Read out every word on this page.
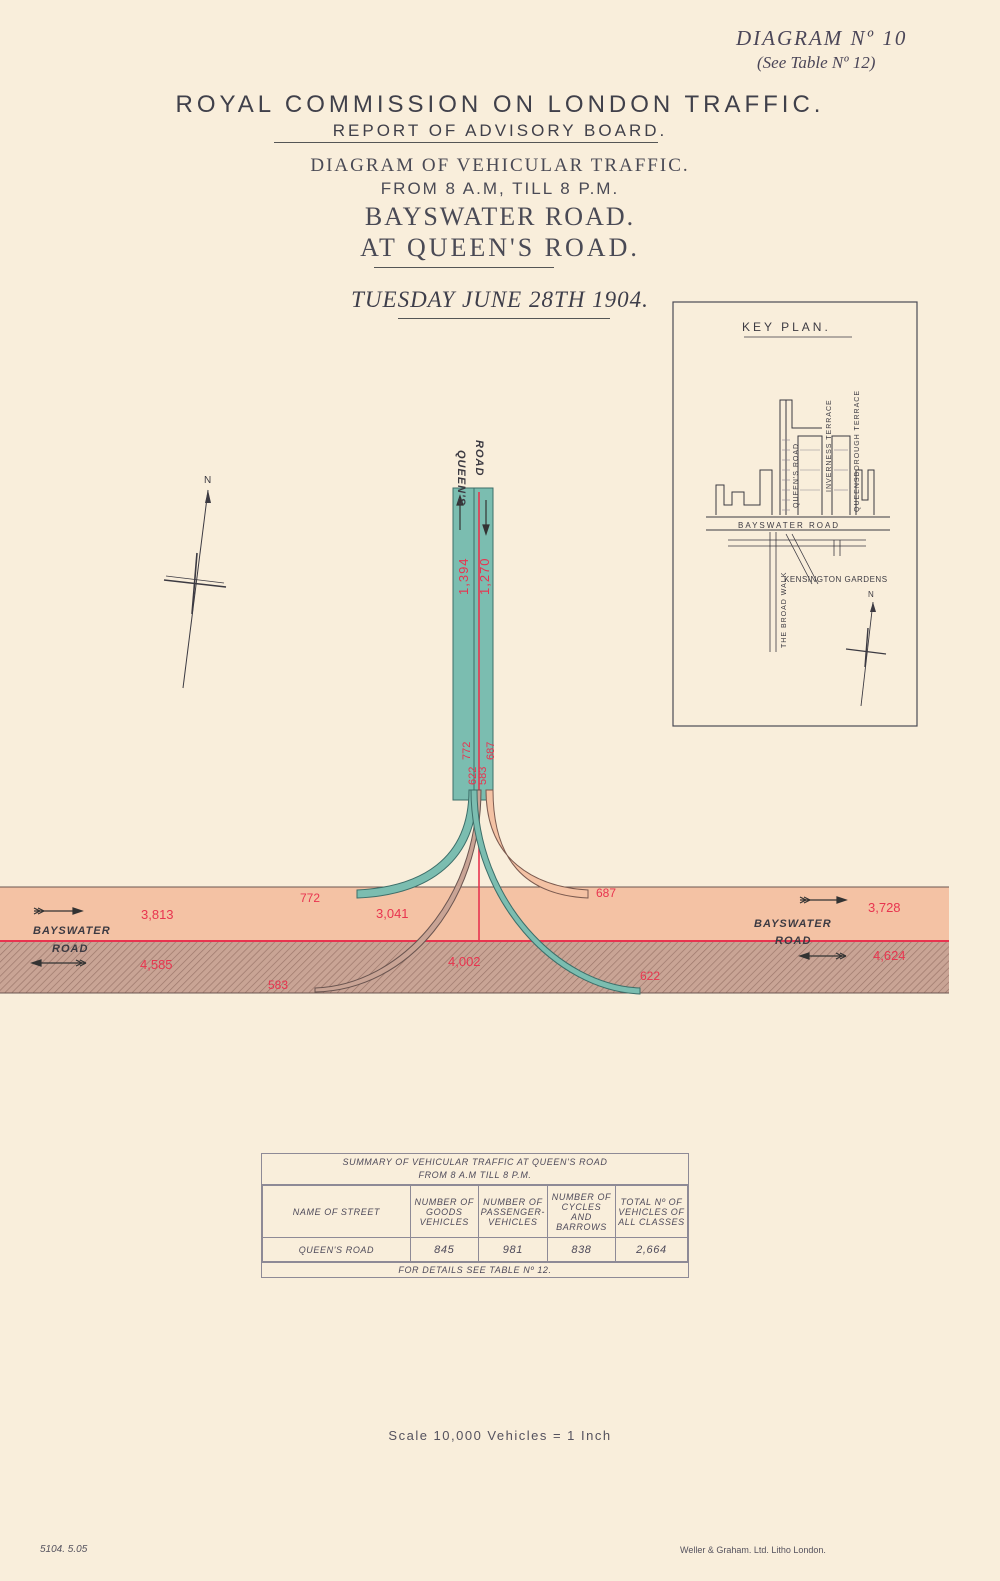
DIAGRAM Nº 10
(See Table Nº 12)
ROYAL COMMISSION ON LONDON TRAFFIC.
REPORT OF ADVISORY BOARD.
DIAGRAM OF VEHICULAR TRAFFIC.
FROM 8 A.M, TILL 8 P.M.
BAYSWATER ROAD.
AT QUEEN'S ROAD.
TUESDAY JUNE 28TH 1904.
QUEEN'S ROAD
1,394 1,270
772 687
583
622
3,813
4,585
3,041
4,002
3,728
4,624
772	687
583
622
BAYSWATER
ROAD
BAYSWATER
ROAD
N
KEY PLAN.
QUEEN'S ROAD	INVERNESS TERRACE	QUEENSBOROUGH TERRACE
BAYSWATER ROAD
THE BROAD WALK
KENSINGTON GARDENS
N
SUMMARY OF VEHICULAR TRAFFIC AT QUEEN'S ROAD
FROM 8 A.M TILL 8 P.M.
NAME OF STREET	NUMBER OF GOODS VEHICLES	NUMBER OF PASSENGER-VEHICLES	NUMBER OF CYCLES AND BARROWS	TOTAL Nº OF VEHICLES OF ALL CLASSES
QUEEN'S ROAD	845	981	838	2,664
FOR DETAILS SEE TABLE Nº 12.
Scale 10,000 Vehicles = 1 Inch
5104. 5.05	Weller & Graham. Ltd. Litho London.
